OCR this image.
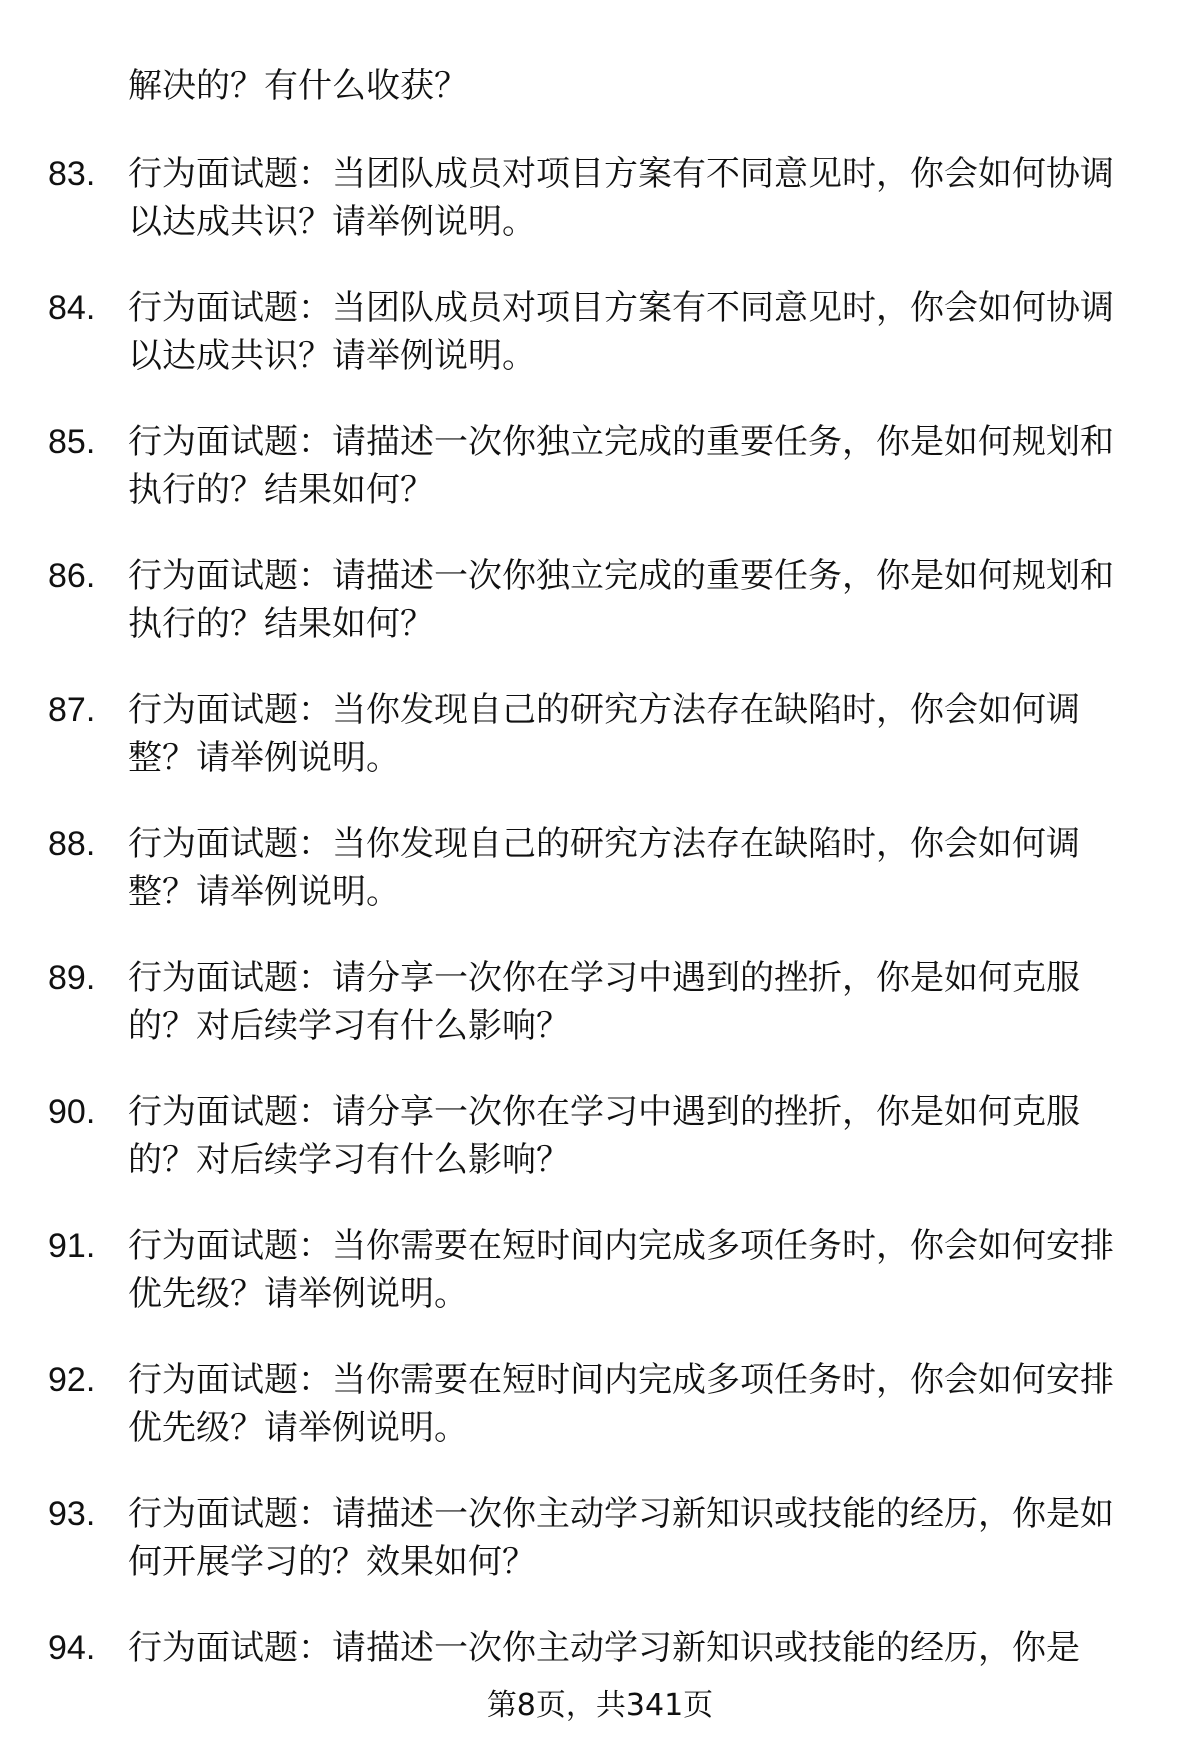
解决的？有什么收获？
83. 行为面试题：当团队成员对项目方案有不同意见时，你会如何协调以达成共识？请举例说明。
84. 行为面试题：当团队成员对项目方案有不同意见时，你会如何协调以达成共识？请举例说明。
85. 行为面试题：请描述一次你独立完成的重要任务，你是如何规划和执行的？结果如何？
86. 行为面试题：请描述一次你独立完成的重要任务，你是如何规划和执行的？结果如何？
87. 行为面试题：当你发现自己的研究方法存在缺陷时，你会如何调整？请举例说明。
88. 行为面试题：当你发现自己的研究方法存在缺陷时，你会如何调整？请举例说明。
89. 行为面试题：请分享一次你在学习中遇到的挫折，你是如何克服的？对后续学习有什么影响？
90. 行为面试题：请分享一次你在学习中遇到的挫折，你是如何克服的？对后续学习有什么影响？
91. 行为面试题：当你需要在短时间内完成多项任务时，你会如何安排优先级？请举例说明。
92. 行为面试题：当你需要在短时间内完成多项任务时，你会如何安排优先级？请举例说明。
93. 行为面试题：请描述一次你主动学习新知识或技能的经历，你是如何开展学习的？效果如何？
94. 行为面试题：请描述一次你主动学习新知识或技能的经历，你是
第8页，共341页
